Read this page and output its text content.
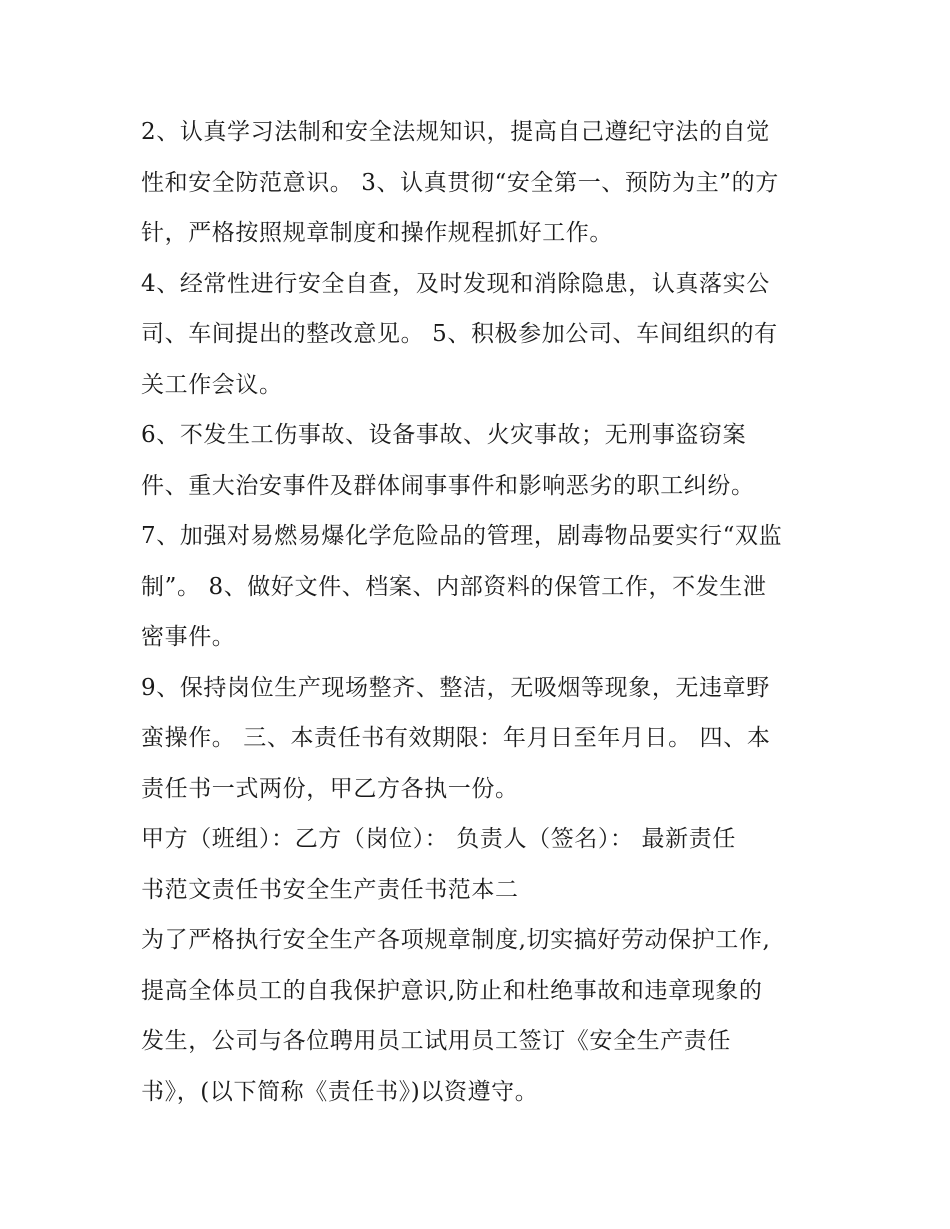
2、认真学习法制和安全法规知识，提高自己遵纪守法的自觉
性和安全防范意识。 3、认真贯彻“安全第一、预防为主”的方
针，严格按照规章制度和操作规程抓好工作。
4、经常性进行安全自查，及时发现和消除隐患，认真落实公
司、车间提出的整改意见。 5、积极参加公司、车间组织的有
关工作会议。
6、不发生工伤事故、设备事故、火灾事故；无刑事盗窃案
件、重大治安事件及群体闹事事件和影响恶劣的职工纠纷。
7、加强对易燃易爆化学危险品的管理，剧毒物品要实行“双监
制”。 8、做好文件、档案、内部资料的保管工作，不发生泄
密事件。
9、保持岗位生产现场整齐、整洁，无吸烟等现象，无违章野
蛮操作。 三、本责任书有效期限：年月日至年月日。 四、本
责任书一式两份，甲乙方各执一份。
甲方（班组）：乙方（岗位）： 负责人（签名）： 最新责任
书范文责任书安全生产责任书范本二
为了严格执行安全生产各项规章制度,切实搞好劳动保护工作,
提高全体员工的自我保护意识,防止和杜绝事故和违章现象的
发生，公司与各位聘用员工试用员工签订《安全生产责任
书》，(以下简称《责任书》)以资遵守。
